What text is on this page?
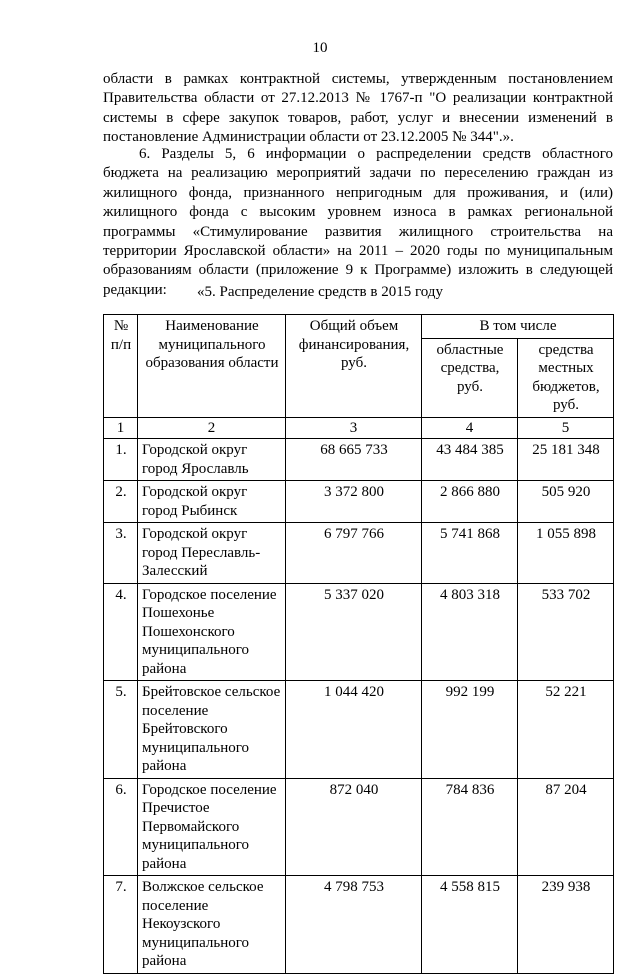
10

области в рамках контрактной системы, утвержденным постановлением Правительства области от 27.12.2013 № 1767-п "О реализации контрактной системы в сфере закупок товаров, работ, услуг и внесении изменений в постановление Администрации области от 23.12.2005 № 344".».

6. Разделы 5, 6 информации о распределении средств областного бюджета на реализацию мероприятий задачи по переселению граждан из жилищного фонда, признанного непригодным для проживания, и (или) жилищного фонда с высоким уровнем износа в рамках региональной программы «Стимулирование развития жилищного строительства на территории Ярославской области» на 2011 – 2020 годы по муниципальным образованиям области (приложение 9 к Программе) изложить в следующей редакции:	«5. Распределение средств в 2015 году
№ п/п	Наименование муниципального образования области	Общий объем финансирования, руб.	В том числе	
			областные средства, руб.	средства местных бюджетов, руб.
1	2	3	4	5
1.	Городской округ город Ярославль	68 665 733	43 484 385	25 181 348
2.	Городской округ город Рыбинск	3 372 800	2 866 880	505 920
3.	Городской округ город Переславль-Залесский	6 797 766	5 741 868	1 055 898
4.	Городское поселение Пошехонье Пошехонского муниципального района	5 337 020	4 803 318	533 702
5.	Брейтовское сельское поселение Брейтовского муниципального района	1 044 420	992 199	52 221
6.	Городское поселение Пречистое Первомайского муниципального района	872 040	784 836	87 204
7.	Волжское сельское поселение Некоузского муниципального района	4 798 753	4 558 815	239 938
